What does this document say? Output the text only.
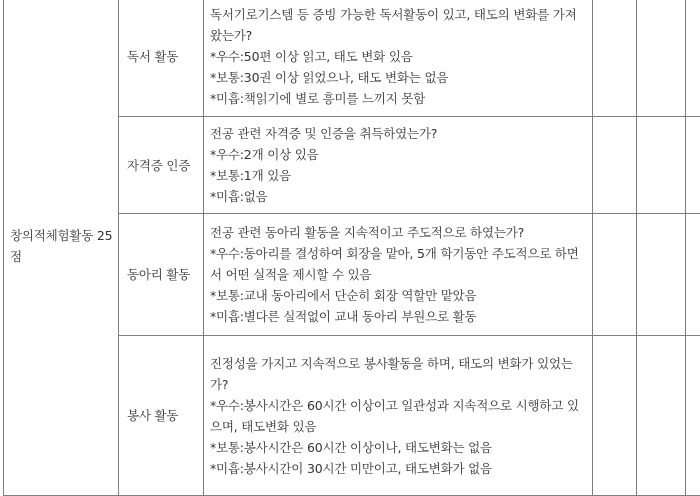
창의적체험활동 25점	독서 활동	독서기로기스템 등 증빙 가능한 독서활동이 있고, 태도의 변화를 가져왔는가?
*우수:50편 이상 읽고, 태도 변화 있음
*보통:30권 이상 읽었으나, 태도 변화는 없음
*미흡:책읽기에 별로 흥미를 느끼지 못함			

	자격증 인증	전공 관련 자격증 및 인증을 취득하였는가?
*우수:2개 이상 있음
*보통:1개 있음
*미흡:없음			

	동아리 활동	전공 관련 동아리 활동을 지속적이고 주도적으로 하였는가?
*우수:동아리를 결성하여 회장을 맡아, 5개 학기동안 주도적으로 하면서 어떤 실적을 제시할 수 있음
*보통:교내 동아리에서 단순히 회장 역할만 맡았음
*미흡:별다른 실적없이 교내 동아리 부원으로 활동			

	봉사 활동	진정성을 가지고 지속적으로 봉사활동을 하며, 태도의 변화가 있었는가?
*우수:봉사시간은 60시간 이상이고 일관성과 지속적으로 시행하고 있으며, 태도변화 있음
*보통:봉사시간은 60시간 이상이나, 태도변화는 없음
*미흡:봉사시간이 30시간 미만이고, 태도변화가 없음			
